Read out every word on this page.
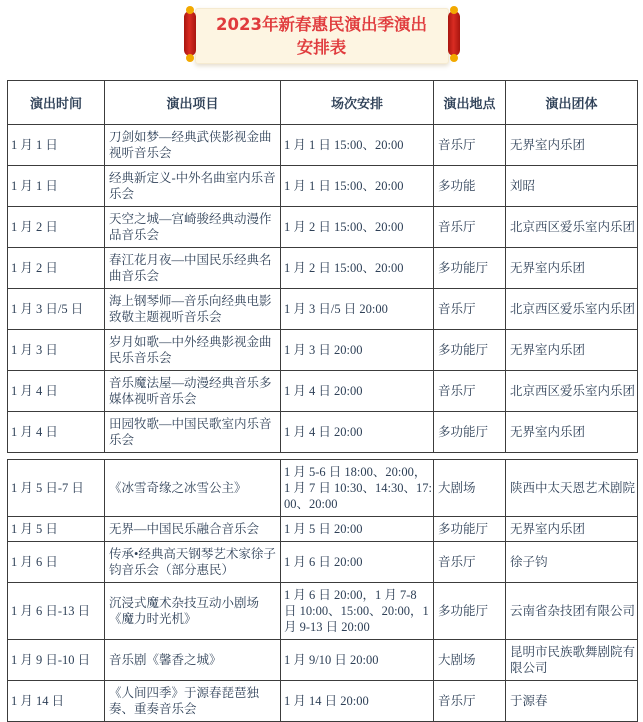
2023年新春惠民演出季演出
安排表
演出时间	演出项目	场次安排	演出地点	演出团体
1 月 1 日	刀剑如梦—经典武侠影视金曲视听音乐会	1 月 1 日 15:00、20:00	音乐厅	无界室内乐团
1 月 1 日	经典新定义-中外名曲室内乐音乐会	1 月 1 日 15:00、20:00	多功能	刘昭
1 月 2 日	天空之城—宫崎骏经典动漫作品音乐会	1 月 2 日 15:00、20:00	音乐厅	北京西区爱乐室内乐团
1 月 2 日	春江花月夜—中国民乐经典名曲音乐会	1 月 2 日 15:00、20:00	多功能厅	无界室内乐团
1 月 3 日/5 日	海上钢琴师—音乐向经典电影致敬主题视听音乐会	1 月 3 日/5 日 20:00	音乐厅	北京西区爱乐室内乐团
1 月 3 日	岁月如歌—中外经典影视金曲民乐音乐会	1 月 3 日 20:00	多功能厅	无界室内乐团
1 月 4 日	音乐魔法屋—动漫经典音乐多媒体视听音乐会	1 月 4 日 20:00	音乐厅	北京西区爱乐室内乐团
1 月 4 日	田园牧歌—中国民歌室内乐音乐会	1 月 4 日 20:00	多功能厅	无界室内乐团
1 月 5 日-7 日	《冰雪奇缘之冰雪公主》	1 月 5-6 日 18:00、20:00，1 月 7 日 10:30、14:30、17:00、20:00	大剧场	陕西中太天恩艺术剧院
1 月 5 日	无界—中国民乐融合音乐会	1 月 5 日 20:00	多功能厅	无界室内乐团
1 月 6 日	传承•经典高天钢琴艺术家徐子钧音乐会（部分惠民）	1 月 6 日 20:00	音乐厅	徐子钧
1 月 6 日-13 日	沉浸式魔术杂技互动小剧场《魔力时光机》	1 月 6 日 20:00，1 月 7-8 日 10:00、15:00、20:00，1 月 9-13 日 20:00	多功能厅	云南省杂技团有限公司
1 月 9 日-10 日	音乐剧《馨香之城》	1 月 9/10 日 20:00	大剧场	昆明市民族歌舞剧院有限公司
1 月 14 日	《人间四季》于源春琵琶独奏、重奏音乐会	1 月 14 日 20:00	音乐厅	于源春
